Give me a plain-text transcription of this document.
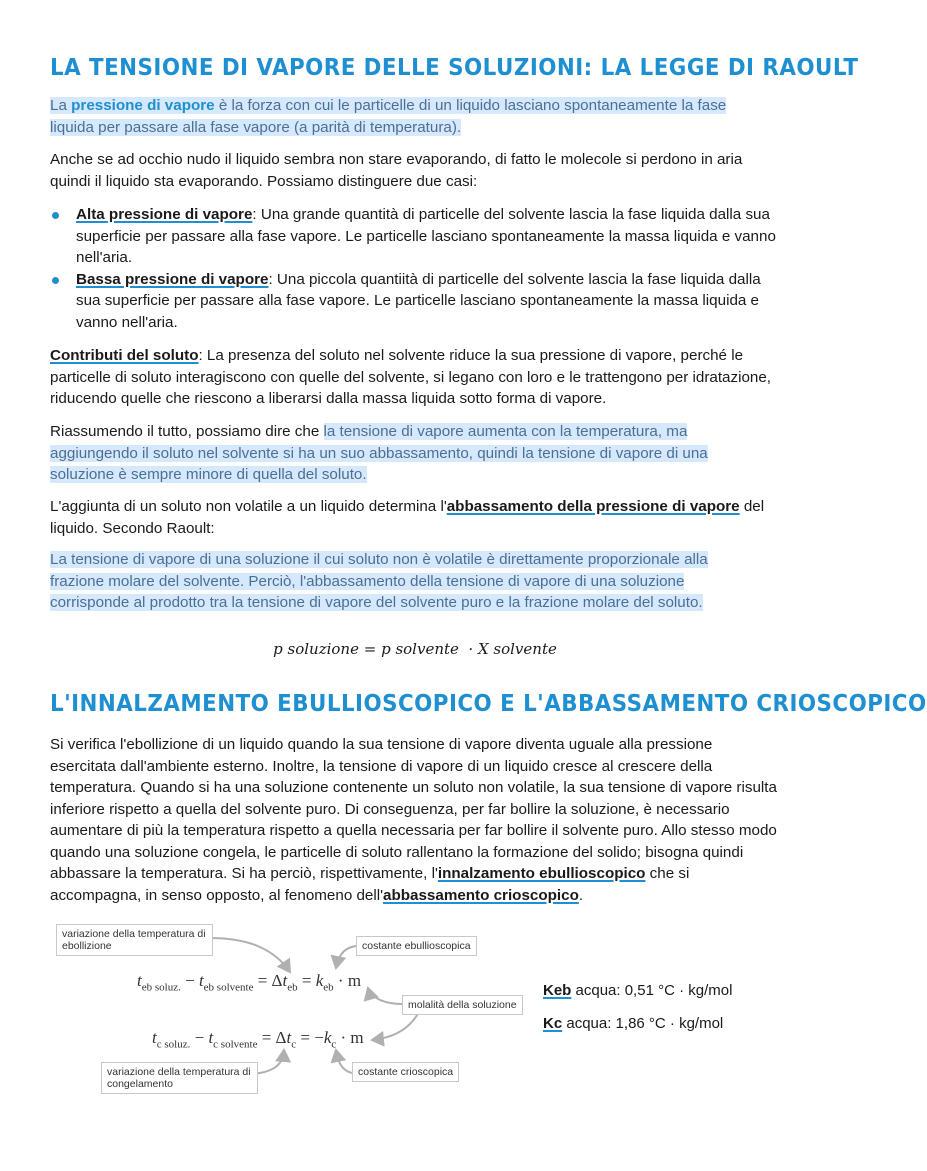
LA TENSIONE DI VAPORE DELLE SOLUZIONI: LA LEGGE DI RAOULT

La pressione di vapore è la forza con cui le particelle di un liquido lasciano spontaneamente la fase liquida per passare alla fase vapore (a parità di temperatura).

Anche se ad occhio nudo il liquido sembra non stare evaporando, di fatto le molecole si perdono in aria quindi il liquido sta evaporando. Possiamo distinguere due casi:

Alta pressione di vapore: Una grande quantità di particelle del solvente lascia la fase liquida dalla sua superficie per passare alla fase vapore. Le particelle lasciano spontaneamente la massa liquida e vanno nell'aria.
Bassa pressione di vapore: Una piccola quantiità di particelle del solvente lascia la fase liquida dalla sua superficie per passare alla fase vapore. Le particelle lasciano spontaneamente la massa liquida e vanno nell'aria.

Contributi del soluto: La presenza del soluto nel solvente riduce la sua pressione di vapore, perché le particelle di soluto interagiscono con quelle del solvente, si legano con loro e le trattengono per idratazione, riducendo quelle che riescono a liberarsi dalla massa liquida sotto forma di vapore.

Riassumendo il tutto, possiamo dire che la tensione di vapore aumenta con la temperatura, ma aggiungendo il soluto nel solvente si ha un suo abbassamento, quindi la tensione di vapore di una soluzione è sempre minore di quella del soluto.

L'aggiunta di un soluto non volatile a un liquido determina l'abbassamento della pressione di vapore del liquido. Secondo Raoult:

La tensione di vapore di una soluzione il cui soluto non è volatile è direttamente proporzionale alla frazione molare del solvente. Perciò, l'abbassamento della tensione di vapore di una soluzione corrisponde al prodotto tra la tensione di vapore del solvente puro e la frazione molare del soluto.

p soluzione = p solvente  · X solvente
L'INNALZAMENTO EBULLIOSCOPICO E L'ABBASSAMENTO CRIOSCOPICO

Si verifica l'ebollizione di un liquido quando la sua tensione di vapore diventa uguale alla pressione esercitata dall'ambiente esterno. Inoltre, la tensione di vapore di un liquido cresce al crescere della temperatura. Quando si ha una soluzione contenente un soluto non volatile, la sua tensione di vapore risulta inferiore rispetto a quella del solvente puro. Di conseguenza, per far bollire la soluzione, è necessario aumentare di più la temperatura rispetto a quella necessaria per far bollire il solvente puro. Allo stesso modo quando una soluzione congela, le particelle di soluto rallentano la formazione del solido; bisogna quindi abbassare la temperatura. Si ha perciò, rispettivamente, l'innalzamento ebullioscopico che si accompagna, in senso opposto, al fenomeno dell'abbassamento crioscopico.

variazione della temperatura di ebollizione	costante ebullioscopica
molalità della soluzione
variazione della temperatura di congelamento
costante crioscopica
$t_{eb soluz.} - t_{eb solvente} = \Delta t_{eb} = k_{eb} \cdot m$
$t_{c soluz.} - t_{c solvente} = \Delta t_c = -k_c \cdot m$
Keb acqua: 0,51 °C · kg/mol
Kc acqua: 1,86 °C · kg/mol
